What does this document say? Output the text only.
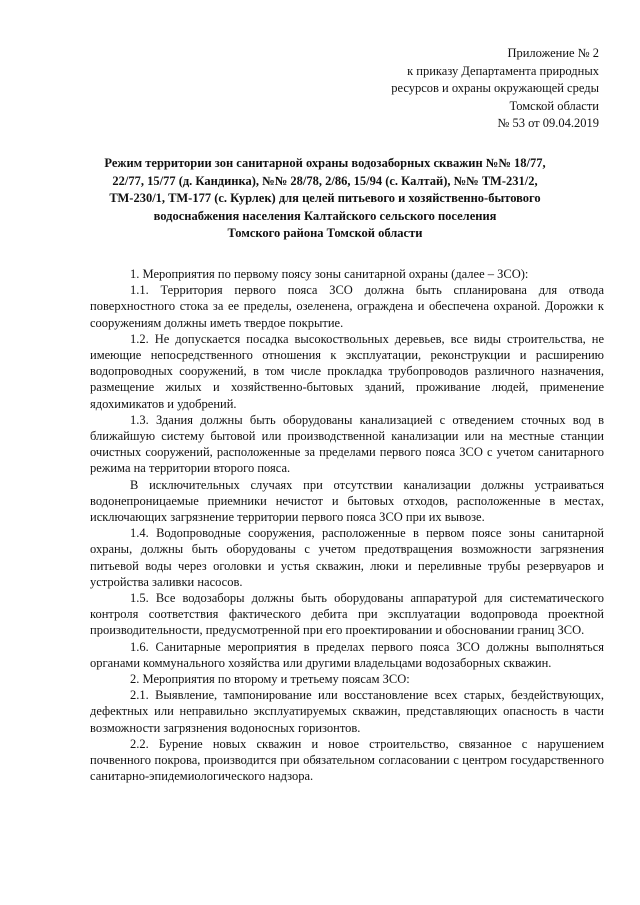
Приложение № 2
к приказу Департамента природных
ресурсов и охраны окружающей среды
Томской области
№ 53 от 09.04.2019
Режим территории зон санитарной охраны водозаборных скважин №№ 18/77,
22/77, 15/77 (д. Кандинка), №№ 28/78, 2/86, 15/94 (с. Калтай), №№ ТМ-231/2,
ТМ-230/1, ТМ-177 (с. Курлек) для целей питьевого и хозяйственно-бытового
водоснабжения населения Калтайского сельского поселения
Томского района Томской области

1. Мероприятия по первому поясу зоны санитарной охраны (далее – ЗСО):

1.1. Территория первого пояса ЗСО должна быть спланирована для отвода поверхностного стока за ее пределы, озеленена, ограждена и обеспечена охраной. Дорожки к сооружениям должны иметь твердое покрытие.

1.2. Не допускается посадка высокоствольных деревьев, все виды строительства, не имеющие непосредственного отношения к эксплуатации, реконструкции и расширению водопроводных сооружений, в том числе прокладка трубопроводов различного назначения, размещение жилых и хозяйственно-бытовых зданий, проживание людей, применение ядохимикатов и удобрений.

1.3. Здания должны быть оборудованы канализацией с отведением сточных вод в ближайшую систему бытовой или производственной канализации или на местные станции очистных сооружений, расположенные за пределами первого пояса ЗСО с учетом санитарного режима на территории второго пояса.

В исключительных случаях при отсутствии канализации должны устраиваться водонепроницаемые приемники нечистот и бытовых отходов, расположенные в местах, исключающих загрязнение территории первого пояса ЗСО при их вывозе.

1.4. Водопроводные сооружения, расположенные в первом поясе зоны санитарной охраны, должны быть оборудованы с учетом предотвращения возможности загрязнения питьевой воды через оголовки и устья скважин, люки и переливные трубы резервуаров и устройства заливки насосов.

1.5. Все водозаборы должны быть оборудованы аппаратурой для систематического контроля соответствия фактического дебита при эксплуатации водопровода проектной производительности, предусмотренной при его проектировании и обосновании границ ЗСО.

1.6. Санитарные мероприятия в пределах первого пояса ЗСО должны выполняться органами коммунального хозяйства или другими владельцами водозаборных скважин.

2. Мероприятия по второму и третьему поясам ЗСО:

2.1. Выявление, тампонирование или восстановление всех старых, бездействующих, дефектных или неправильно эксплуатируемых скважин, представляющих опасность в части возможности загрязнения водоносных горизонтов.

2.2. Бурение новых скважин и новое строительство, связанное с нарушением почвенного покрова, производится при обязательном согласовании с центром государственного санитарно-эпидемиологического надзора.
